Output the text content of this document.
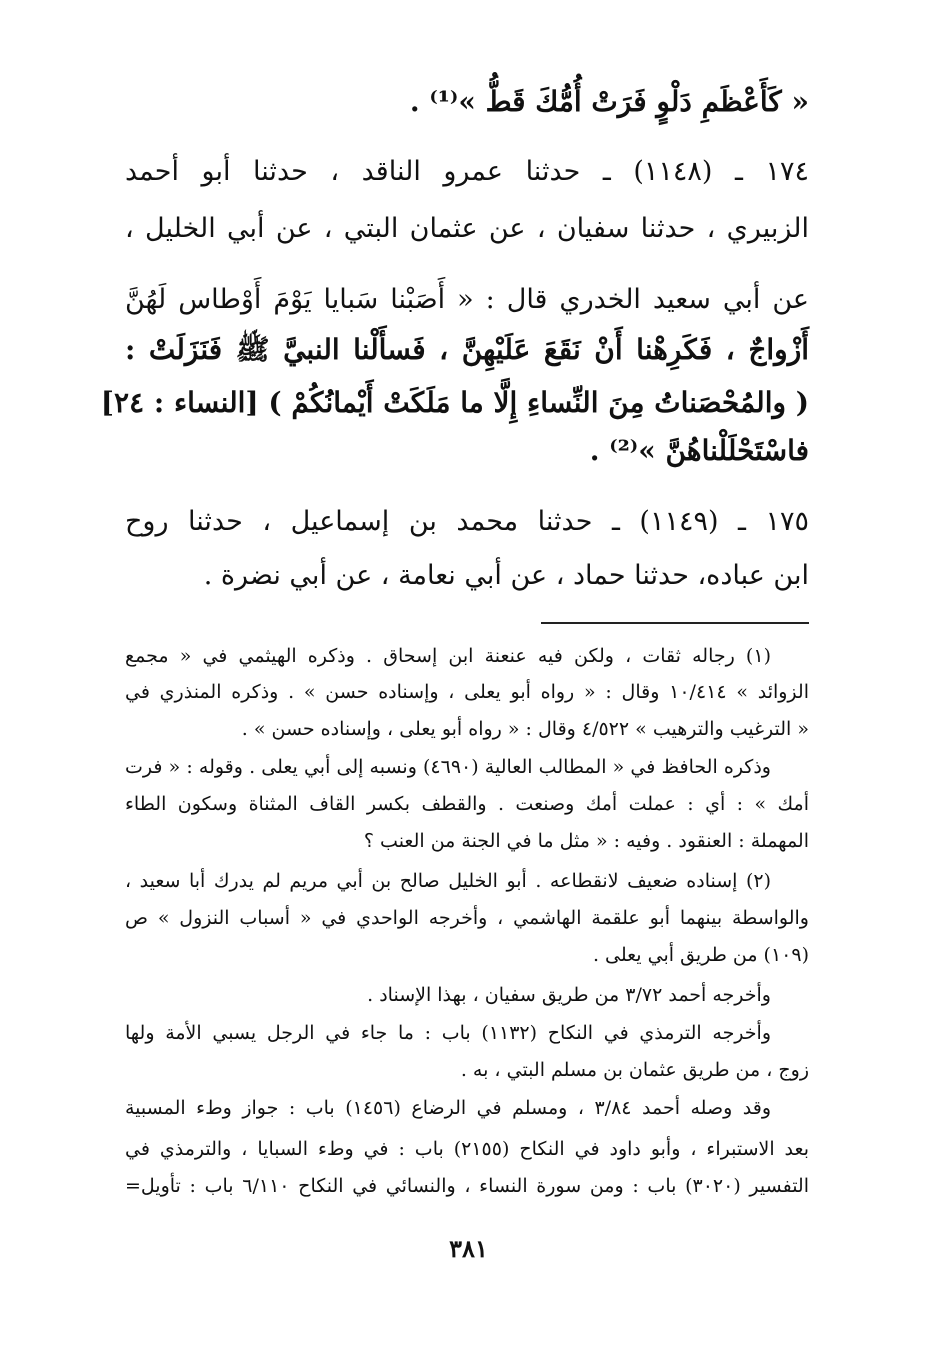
« كَأَعْظَمِ دَلْوٍ فَرَتْ أُمُّكَ قَطُّ »⁽¹⁾ .
١٧٤ ـ (١١٤٨) ـ حدثنا عمرو الناقد ، حدثنا أبو أحمد
الزبيري ، حدثنا سفيان ، عن عثمان البتي ، عن أبي الخليل ،
عن أبي سعيد الخدري قال : « أَصَبْنا سَبايا يَوْمَ أَوْطاس لَهُنَّ
أَزْواجٌ ، فَكَرِهْنا أَنْ نَقَعَ عَلَيْهِنَّ ، فَسأَلْنا النبيَّ ﷺ فَنَزَلَتْ :
( والمُحْصَناتُ مِنَ النِّساءِ إِلَّا ما مَلَكَتْ أَيْمانُكُمْ ) [النساء : ٢٤]
فاسْتَحْلَلْناهُنَّ »⁽²⁾ .
١٧٥ ـ (١١٤٩) ـ حدثنا محمد بن إسماعيل ، حدثنا روح
ابن عباده، حدثنا حماد ، عن أبي نعامة ، عن أبي نضرة .
(١) رجاله ثقات ، ولكن فيه عنعنة ابن إسحاق . وذكره الهيثمي في « مجمع
الزوائد » ١٠/٤١٤ وقال : « رواه أبو يعلى ، وإسناده حسن » . وذكره المنذري في
« الترغيب والترهيب » ٤/٥٢٢ وقال : « رواه أبو يعلى ، وإسناده حسن » .
وذكره الحافظ في « المطالب العالية (٤٦٩٠) ونسبه إلى أبي يعلى . وقوله : « فرت
أمك » : أي : عملت أمك وصنعت . والقطف بكسر القاف المثناة وسكون الطاء
المهملة : العنقود . وفيه : « مثل ما في الجنة من العنب ؟
(٢) إسناده ضعيف لانقطاعه . أبو الخليل صالح بن أبي مريم لم يدرك أبا سعيد ،
والواسطة بينهما أبو علقمة الهاشمي ، وأخرجه الواحدي في « أسباب النزول » ص
(١٠٩) من طريق أبي يعلى .
وأخرجه أحمد ٣/٧٢ من طريق سفيان ، بهذا الإسناد .
وأخرجه الترمذي في النكاح (١١٣٢) باب : ما جاء في الرجل يسبي الأمة ولها
زوج ، من طريق عثمان بن مسلم البتي ، به .
وقد وصله أحمد ٣/٨٤ ، ومسلم في الرضاع (١٤٥٦) باب : جواز وطء المسبية
بعد الاستبراء ، وأبو داود في النكاح (٢١٥٥) باب : في وطء السبايا ، والترمذي في
التفسير (٣٠٢٠) باب : ومن سورة النساء ، والنسائي في النكاح ٦/١١٠ باب : تأويل=
٣٨١
